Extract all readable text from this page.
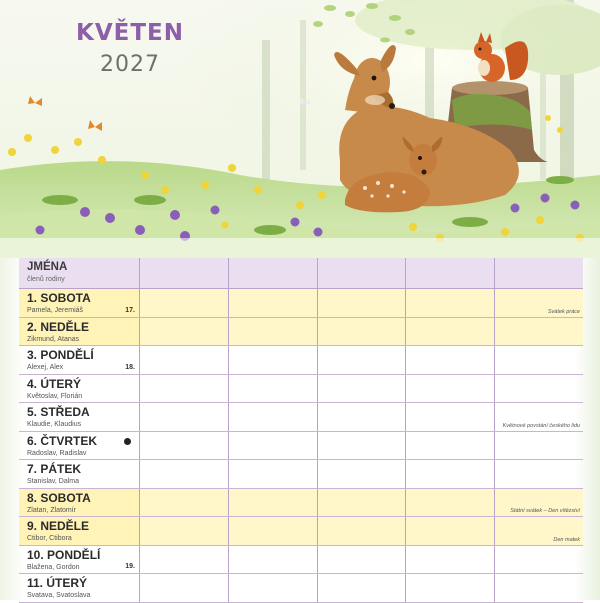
KVĚTEN
2027
JMÉNA
členů rodiny
1. SOBOTA
Pamela, Jeremiáš	17.	Svátek práce
2. NEDĚLE
Zikmund, Atanas
3. PONDĚLÍ
Alexej, Alex	18.
4. ÚTERÝ
Květoslav, Florián
5. STŘEDA
Klaudie, Klaudius	Květnové povstání českého lidu
6. ČTVRTEK
Radoslav, Radislav
7. PÁTEK
Stanislav, Dalma
8. SOBOTA
Zlatan, Zlatomír	Státní svátek – Den vítězství
9. NEDĚLE
Ctibor, Ctibora	Den matek
10. PONDĚLÍ
Blažena, Gordon	19.
11. ÚTERÝ
Svatava, Svatoslava
